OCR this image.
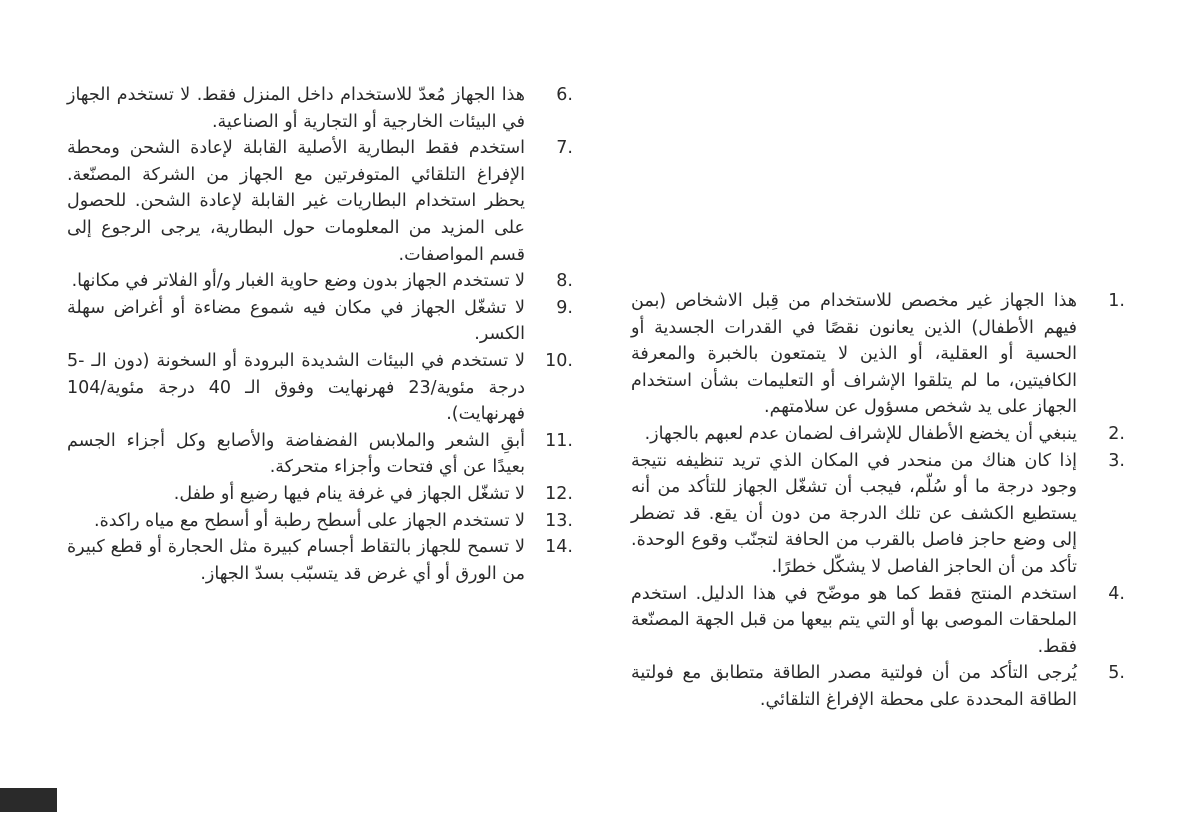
6.
هذا الجهاز مُعدّ للاستخدام داخل المنزل فقط. لا تستخدم الجهاز في البيئات الخارجية أو التجارية أو الصناعية.

7.
استخدم فقط البطارية الأصلية القابلة لإعادة الشحن ومحطة الإفراغ التلقائي المتوفرتين مع الجهاز من الشركة المصنّعة. يحظر استخدام البطاريات غير القابلة لإعادة الشحن. للحصول على المزيد من المعلومات حول البطارية، يرجى الرجوع إلى قسم المواصفات.

8.
لا تستخدم الجهاز بدون وضع حاوية الغبار و/أو الفلاتر في مكانها.

9.
لا تشغّل الجهاز في مكان فيه شموع مضاءة أو أغراض سهلة الكسر.

10.
لا تستخدم في البيئات الشديدة البرودة أو السخونة (دون الـ -5 درجة مئوية/23 فهرنهايت وفوق الـ 40 درجة مئوية/104 فهرنهايت).

11.
أبقِ الشعر والملابس الفضفاضة والأصابع وكل أجزاء الجسم بعيدًا عن أي فتحات وأجزاء متحركة.

12.
لا تشغّل الجهاز في غرفة ينام فيها رضيع أو طفل.

13.
لا تستخدم الجهاز على أسطح رطبة أو أسطح مع مياه راكدة.

14.
لا تسمح للجهاز بالتقاط أجسام كبيرة مثل الحجارة أو قطع كبيرة من الورق أو أي غرض قد يتسبّب بسدّ الجهاز.

1.
هذا الجهاز غير مخصص للاستخدام من قِبل الاشخاص (بمن فيهم الأطفال) الذين يعانون نقصًا في القدرات الجسدية أو الحسية أو العقلية، أو الذين لا يتمتعون بالخبرة والمعرفة الكافيتين، ما لم يتلقوا الإشراف أو التعليمات بشأن استخدام الجهاز على يد شخص مسؤول عن سلامتهم.

2.
ينبغي أن يخضع الأطفال للإشراف لضمان عدم لعبهم بالجهاز.

3.
إذا كان هناك من منحدر في المكان الذي تريد تنظيفه نتيجة وجود درجة ما أو سُلّم، فيجب أن تشغّل الجهاز للتأكد من أنه يستطيع الكشف عن تلك الدرجة من دون أن يقع. قد تضطر إلى وضع حاجز فاصل بالقرب من الحافة لتجنّب وقوع الوحدة. تأكد من أن الحاجز الفاصل لا يشكّل خطرًا.

4.
استخدم المنتج فقط كما هو موضّح في هذا الدليل. استخدم الملحقات الموصى بها أو التي يتم بيعها من قبل الجهة المصنّعة فقط.

5.
يُرجى التأكد من أن فولتية مصدر الطاقة متطابق مع فولتية الطاقة المحددة على محطة الإفراغ التلقائي.
